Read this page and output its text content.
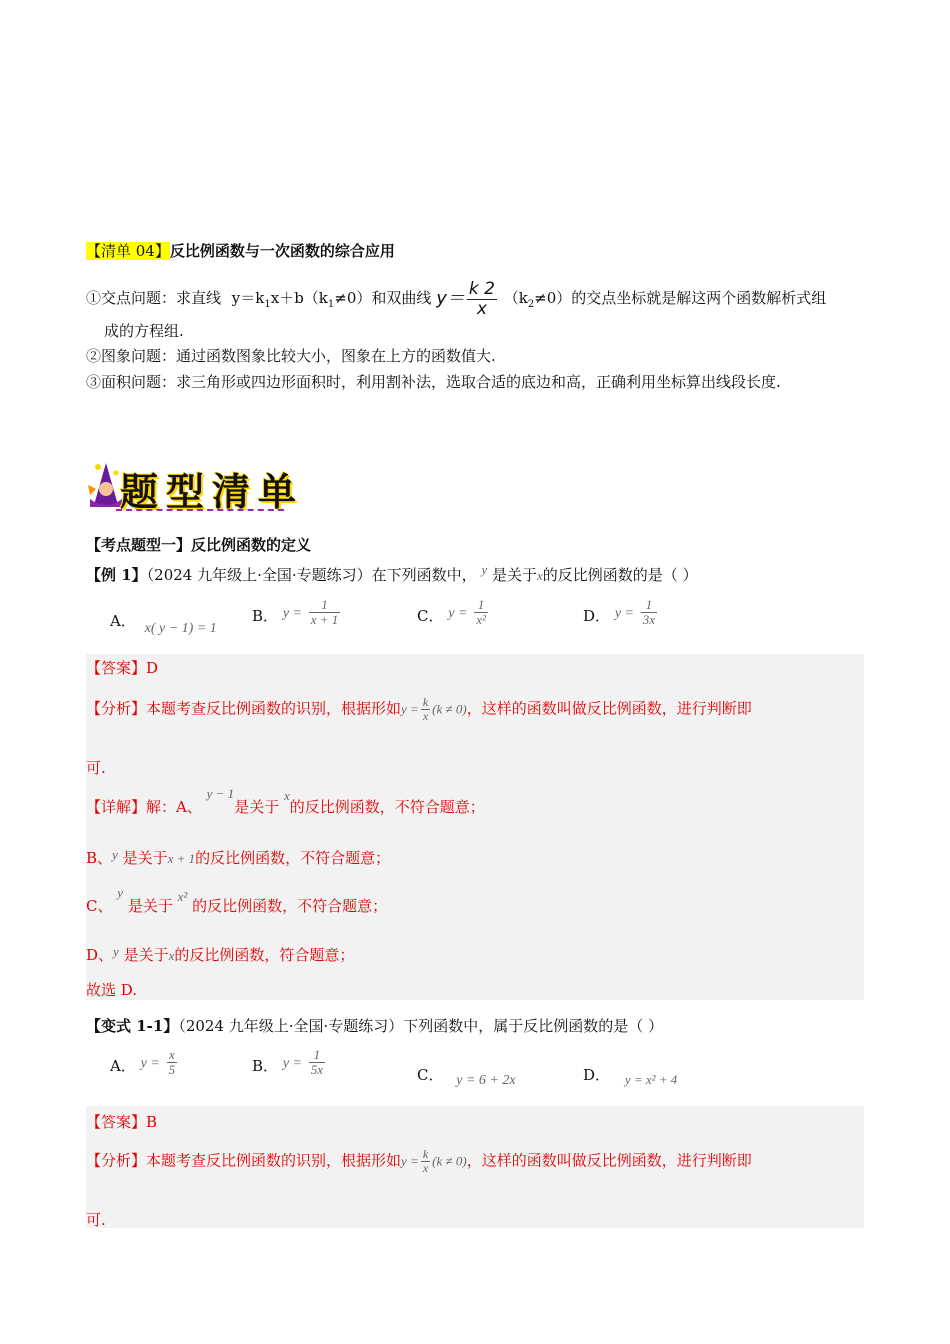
【清单 04】反比例函数与一次函数的综合应用
①交点问题：求直线 $y=k_1x+b(k_1\ne 0)$和双曲线 $y= \frac{k 2}{x} (k_2\ne 0)$的交点坐标就是解这两个函数解析式组
成的方程组.
②图象问题：通过函数图象比较大小，图象在上方的函数值大.
③面积问题：求三角形或四边形面积时，利用割补法，选取合适的底边和高，正确利用坐标算出线段长度.
题型清单
【考点题型一】反比例函数的定义
【例 1】（2024 九年级上·全国·专题练习）在下列函数中， y 是关于x的反比例函数的是（ ）
A． x( y − 1) = 1
B． $y = \frac{1}{x + 1}$	C． $y = \frac{1}{\text{x²}}$	D． $y = \frac{1}{3x}$
【答案】D
【分析】本题考查反比例函数的识别，根据形如$y = \frac{k}{x} (k \ne 0)$，这样的函数叫做反比例函数，进行判断即
可.
【详解】解：A、 y − 1是关于 x的反比例函数，不符合题意；
B、y 是关于x + 1的反比例函数，不符合题意；
C、 y 是关于 x² 的反比例函数，不符合题意；
D、y 是关于x的反比例函数，符合题意；
故选 D.
【变式 1-1】（2024 九年级上·全国·专题练习）下列函数中，属于反比例函数的是（ ）
A． $y = \frac{x}{5}$	B． $y = \frac{1}{5x}$	C． y = 6 + 2x	D． y = x² + 4
【答案】B
【分析】本题考查反比例函数的识别，根据形如$y = \frac{k}{x} (k \ne 0)$，这样的函数叫做反比例函数，进行判断即
可.
